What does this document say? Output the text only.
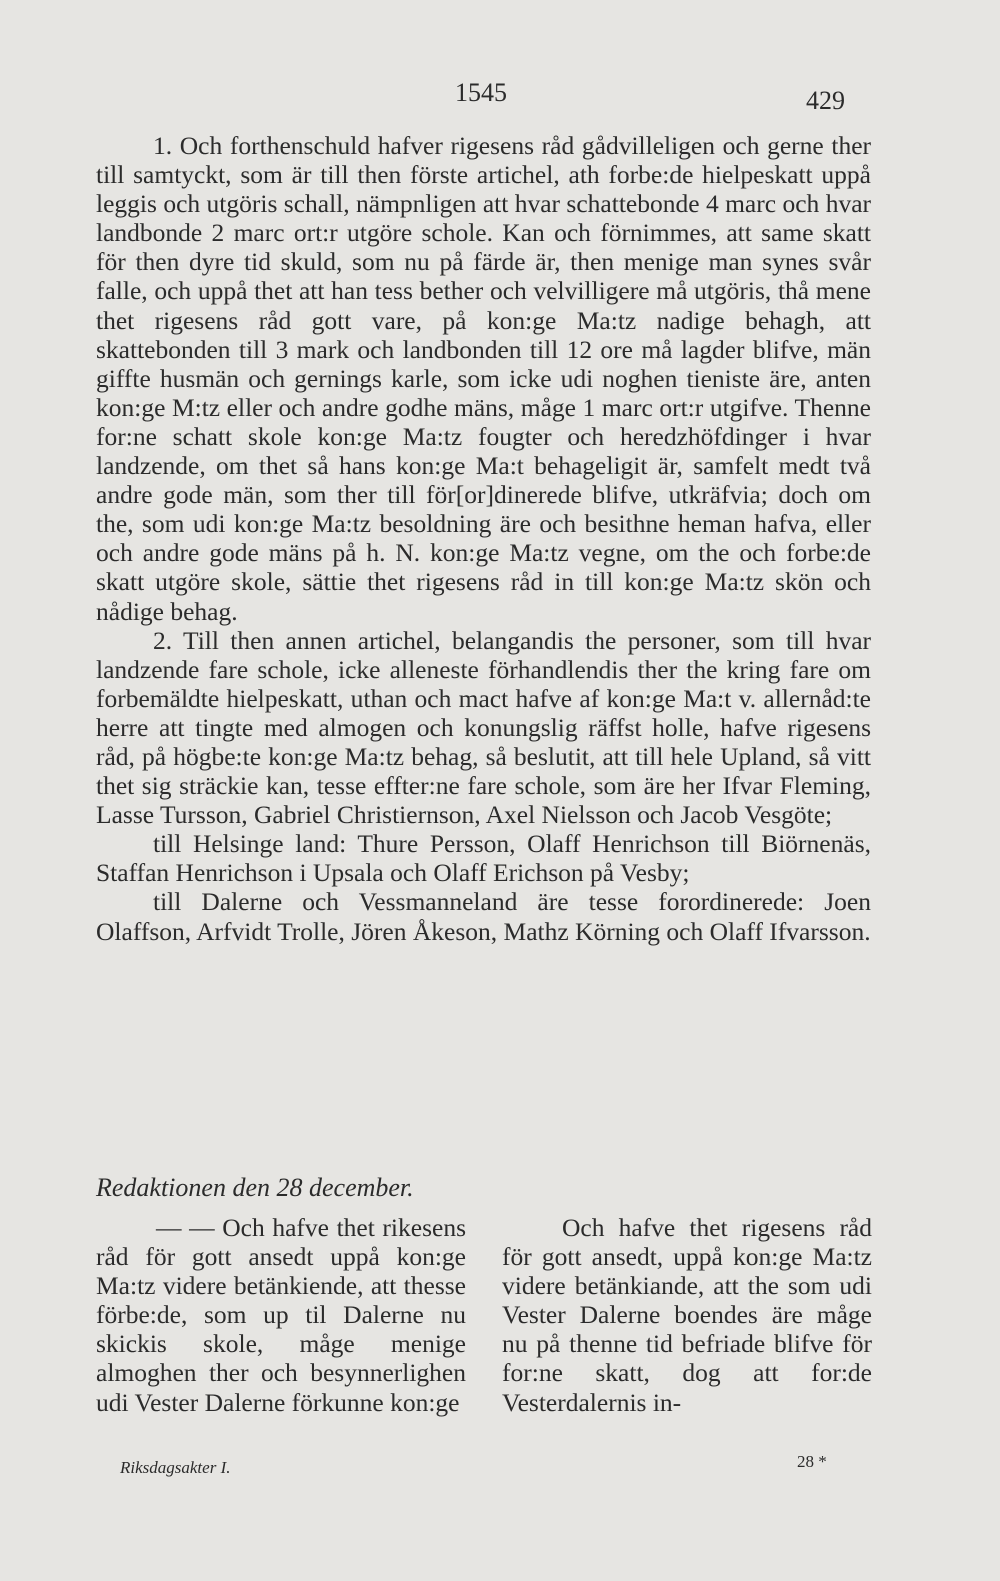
1545	429

1. Och forthenschuld hafver rigesens råd gådvilleligen och gerne ther till samtyckt, som är till then förste artichel, ath forbe:de hielpeskatt uppå leggis och utgöris schall, nämpnligen att hvar schattebonde 4 marc och hvar landbonde 2 marc ort:r utgöre schole. Kan och förnimmes, att same skatt för then dyre tid skuld, som nu på färde är, then menige man synes svår falle, och uppå thet att han tess bether och velvilligere må utgöris, thå mene thet rigesens råd gott vare, på kon:ge Ma:tz nadige behagh, att skattebonden till 3 mark och landbonden till 12 ore må lagder blifve, män giffte husmän och gernings karle, som icke udi noghen tieniste äre, anten kon:ge M:tz eller och andre godhe mäns, måge 1 marc ort:r utgifve. Thenne for:ne schatt skole kon:ge Ma:tz fougter och heredzhöfdinger i hvar landzende, om thet så hans kon:ge Ma:t behageligit är, samfelt medt två andre gode män, som ther till för[or]dinerede blifve, utkräfvia; doch om the, som udi kon:ge Ma:tz besoldning äre och besithne heman hafva, eller och andre gode mäns på h. N. kon:ge Ma:tz vegne, om the och forbe:de skatt utgöre skole, sättie thet rigesens råd in till kon:ge Ma:tz skön och nådige behag.

2. Till then annen artichel, belangandis the personer, som till hvar landzende fare schole, icke alleneste förhandlendis ther the kring fare om forbemäldte hielpeskatt, uthan och mact hafve af kon:ge Ma:t v. allernåd:te herre att tingte med almogen och konungslig räffst holle, hafve rigesens råd, på högbe:te kon:ge Ma:tz behag, så beslutit, att till hele Upland, så vitt thet sig sträckie kan, tesse effter:ne fare schole, som äre her Ifvar Fleming, Lasse Tursson, Gabriel Christiernson, Axel Nielsson och Jacob Vesgöte;

till Helsinge land: Thure Persson, Olaff Henrichson till Biörnenäs, Staffan Henrichson i Upsala och Olaff Erichson på Vesby;

till Dalerne och Vessmanneland äre tesse forordinerede: Joen Olaffson, Arfvidt Trolle, Jören Åkeson, Mathz Körning och Olaff Ifvarsson.

Redaktionen den 28 december.

— — Och hafve thet rikesens råd för gott ansedt uppå kon:ge Ma:tz videre betänkiende, att thesse förbe:de, som up til Dalerne nu skickis skole, måge menige almoghen ther och besynnerlighen udi Vester Dalerne förkunne kon:ge

Och hafve thet rigesens råd för gott ansedt, uppå kon:ge Ma:tz videre betänkiande, att the som udi Vester Dalerne boendes äre måge nu på thenne tid befriade blifve för for:ne skatt, dog att for:de Vesterdalernis in-

Riksdagsakter I.	28 *
